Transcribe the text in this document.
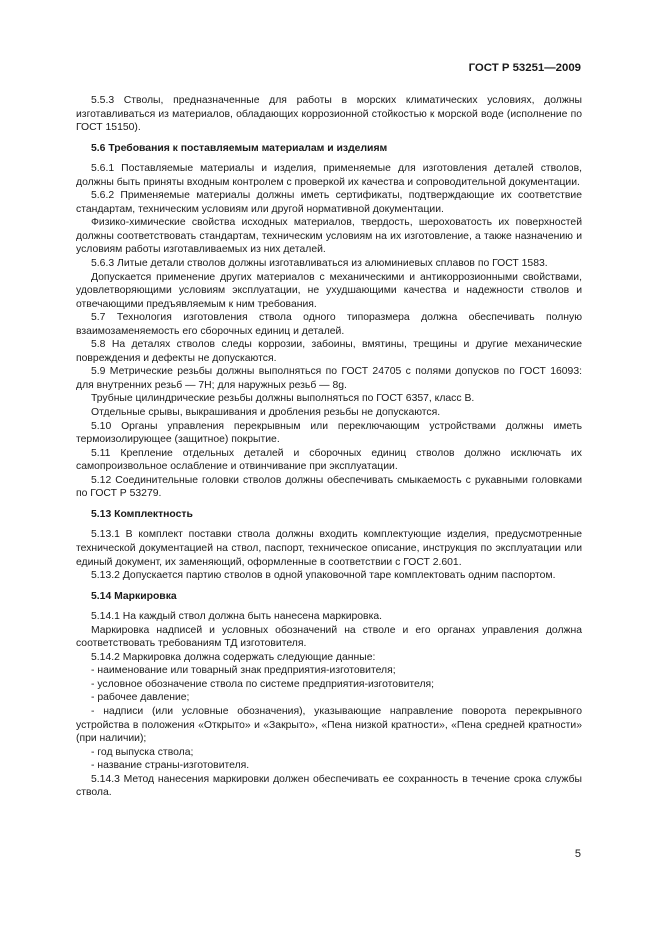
ГОСТ Р 53251—2009

5.5.3 Стволы, предназначенные для работы в морских климатических условиях, должны изготавливаться из материалов, обладающих коррозионной стойкостью к морской воде (исполнение по ГОСТ 15150).

5.6 Требования к поставляемым материалам и изделиям

5.6.1 Поставляемые материалы и изделия, применяемые для изготовления деталей стволов, должны быть приняты входным контролем с проверкой их качества и сопроводительной документации.

5.6.2 Применяемые материалы должны иметь сертификаты, подтверждающие их соответствие стандартам, техническим условиям или другой нормативной документации.

Физико-химические свойства исходных материалов, твердость, шероховатость их поверхностей должны соответствовать стандартам, техническим условиям на их изготовление, а также назначению и условиям работы изготавливаемых из них деталей.

5.6.3 Литые детали стволов должны изготавливаться из алюминиевых сплавов по ГОСТ 1583.

Допускается применение других материалов с механическими и антикоррозионными свойствами, удовлетворяющими условиям эксплуатации, не ухудшающими качества и надежности стволов и отвечающими предъявляемым к ним требования.

5.7 Технология изготовления ствола одного типоразмера должна обеспечивать полную взаимозаменяемость его сборочных единиц и деталей.

5.8 На деталях стволов следы коррозии, забоины, вмятины, трещины и другие механические повреждения и дефекты не допускаются.

5.9 Метрические резьбы должны выполняться по ГОСТ 24705 с полями допусков по ГОСТ 16093: для внутренних резьб — 7Н; для наружных резьб — 8g.

Трубные цилиндрические резьбы должны выполняться по ГОСТ 6357, класс В.

Отдельные срывы, выкрашивания и дробления резьбы не допускаются.

5.10 Органы управления перекрывным или переключающим устройствами должны иметь термоизолирующее (защитное) покрытие.

5.11 Крепление отдельных деталей и сборочных единиц стволов должно исключать их самопроизвольное ослабление и отвинчивание при эксплуатации.

5.12 Соединительные головки стволов должны обеспечивать смыкаемость с рукавными головками по ГОСТ Р 53279.

5.13 Комплектность

5.13.1 В комплект поставки ствола должны входить комплектующие изделия, предусмотренные технической документацией на ствол, паспорт, техническое описание, инструкция по эксплуатации или единый документ, их заменяющий, оформленные в соответствии с ГОСТ 2.601.

5.13.2 Допускается партию стволов в одной упаковочной таре комплектовать одним паспортом.

5.14 Маркировка

5.14.1 На каждый ствол должна быть нанесена маркировка.

Маркировка надписей и условных обозначений на стволе и его органах управления должна соответствовать требованиям ТД изготовителя.

5.14.2 Маркировка должна содержать следующие данные:

- наименование или товарный знак предприятия-изготовителя;

- условное обозначение ствола по системе предприятия-изготовителя;

- рабочее давление;

- надписи (или условные обозначения), указывающие направление поворота перекрывного устройства в положения «Открыто» и «Закрыто», «Пена низкой кратности», «Пена средней кратности» (при наличии);

- год выпуска ствола;

- название страны-изготовителя.

5.14.3 Метод нанесения маркировки должен обеспечивать ее сохранность в течение срока службы ствола.

5
